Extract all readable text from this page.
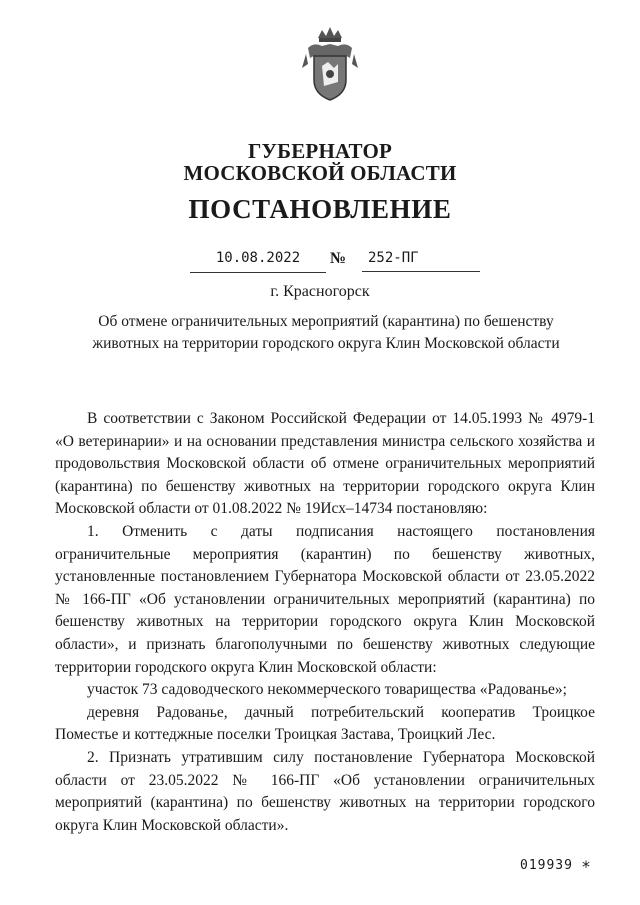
ГУБЕРНАТОР
МОСКОВСКОЙ ОБЛАСТИ
ПОСТАНОВЛЕНИЕ
10.08.2022	№	252-ПГ
г. Красногорск
Об отмене ограничительных мероприятий (карантина) по бешенству животных на территории городского округа Клин Московской области

В соответствии с Законом Российской Федерации от 14.05.1993 № 4979-1 «О ветеринарии» и на основании представления министра сельского хозяйства и продовольствия Московской области об отмене ограничительных мероприятий (карантина) по бешенству животных на территории городского округа Клин Московской области от 01.08.2022 № 19Исх–14734 постановляю:

1. Отменить с даты подписания настоящего постановления ограничительные мероприятия (карантин) по бешенству животных, установленные постановлением Губернатора Московской области от 23.05.2022 № 166-ПГ «Об установлении ограничительных мероприятий (карантина) по бешенству животных на территории городского округа Клин Московской области», и признать благополучными по бешенству животных следующие территории городского округа Клин Московской области:

участок 73 садоводческого некоммерческого товарищества «Радованье»;

деревня Радованье, дачный потребительский кооператив Троицкое Поместье и коттеджные поселки Троицкая Застава, Троицкий Лес.

2. Признать утратившим силу постановление Губернатора Московской области от 23.05.2022 № 166-ПГ «Об установлении ограничительных мероприятий (карантина) по бешенству животных на территории городского округа Клин Московской области».

019939 *
